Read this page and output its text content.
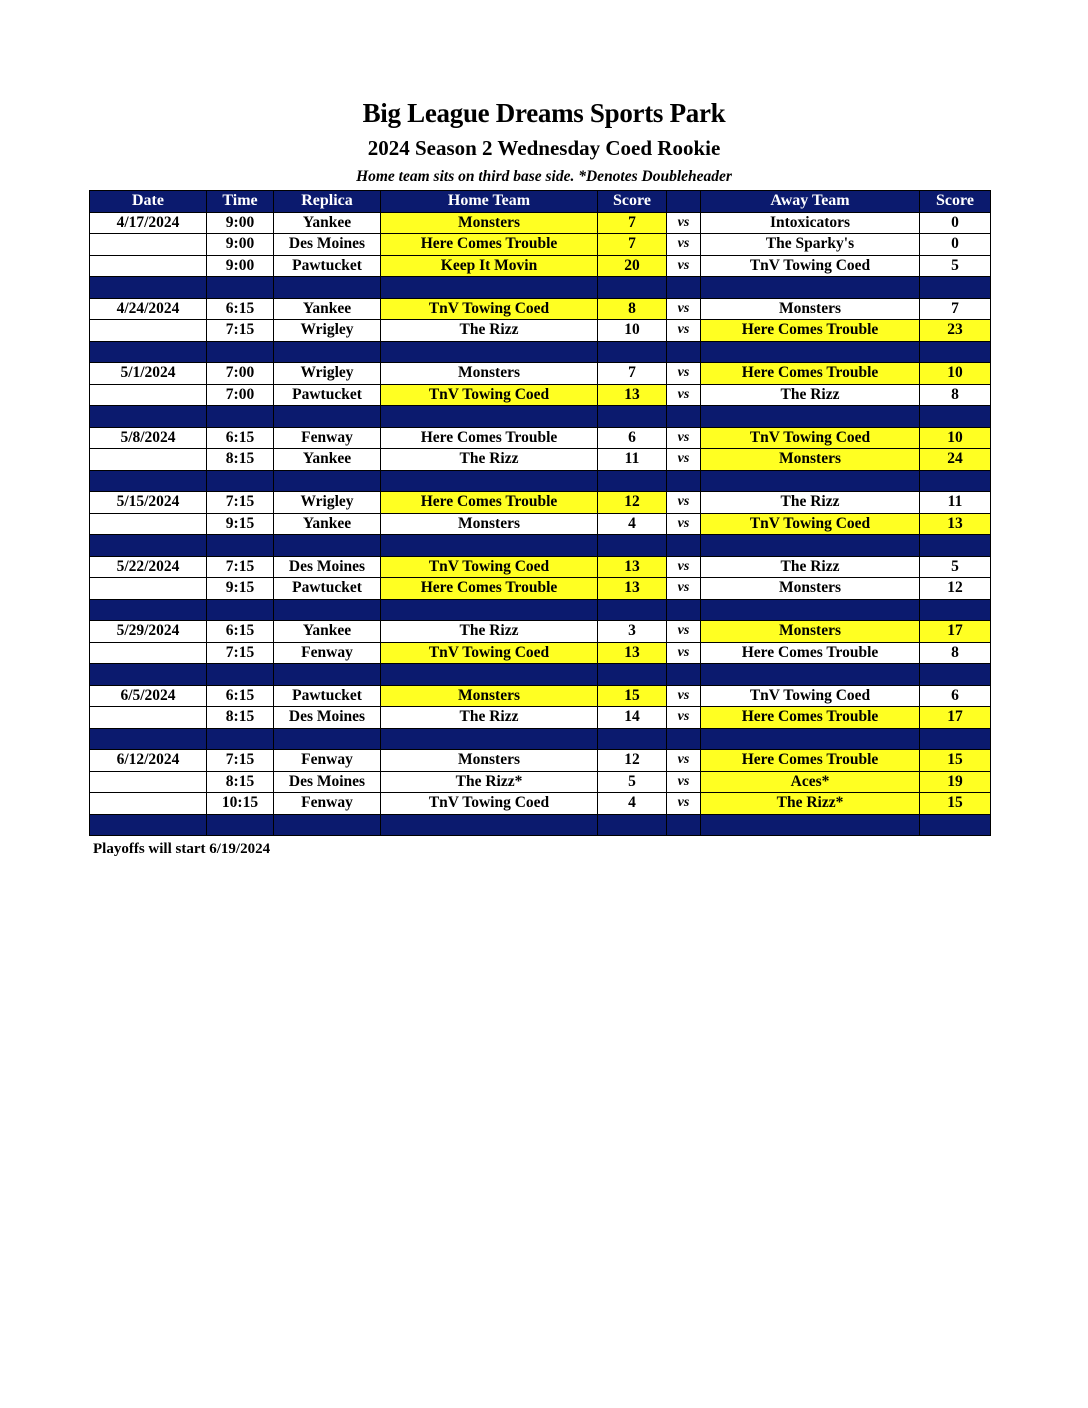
Big League Dreams Sports Park
2024 Season 2 Wednesday Coed Rookie
Home team sits on third base side. *Denotes Doubleheader
Date	Time	Replica	Home Team	Score		Away Team	Score
4/17/2024	9:00	Yankee	Monsters	7	vs	Intoxicators	0
	9:00	Des Moines	Here Comes Trouble	7	vs	The Sparky's	0
	9:00	Pawtucket	Keep It Movin	20	vs	TnV Towing Coed	5

4/24/2024	6:15	Yankee	TnV Towing Coed	8	vs	Monsters	7
	7:15	Wrigley	The Rizz	10	vs	Here Comes Trouble	23

5/1/2024	7:00	Wrigley	Monsters	7	vs	Here Comes Trouble	10
	7:00	Pawtucket	TnV Towing Coed	13	vs	The Rizz	8

5/8/2024	6:15	Fenway	Here Comes Trouble	6	vs	TnV Towing Coed	10
	8:15	Yankee	The Rizz	11	vs	Monsters	24

5/15/2024	7:15	Wrigley	Here Comes Trouble	12	vs	The Rizz	11
	9:15	Yankee	Monsters	4	vs	TnV Towing Coed	13

5/22/2024	7:15	Des Moines	TnV Towing Coed	13	vs	The Rizz	5
	9:15	Pawtucket	Here Comes Trouble	13	vs	Monsters	12

5/29/2024	6:15	Yankee	The Rizz	3	vs	Monsters	17
	7:15	Fenway	TnV Towing Coed	13	vs	Here Comes Trouble	8

6/5/2024	6:15	Pawtucket	Monsters	15	vs	TnV Towing Coed	6
	8:15	Des Moines	The Rizz	14	vs	Here Comes Trouble	17

6/12/2024	7:15	Fenway	Monsters	12	vs	Here Comes Trouble	15
	8:15	Des Moines	The Rizz*	5	vs	Aces*	19
	10:15	Fenway	TnV Towing Coed	4	vs	The Rizz*	15

Playoffs will start 6/19/2024
